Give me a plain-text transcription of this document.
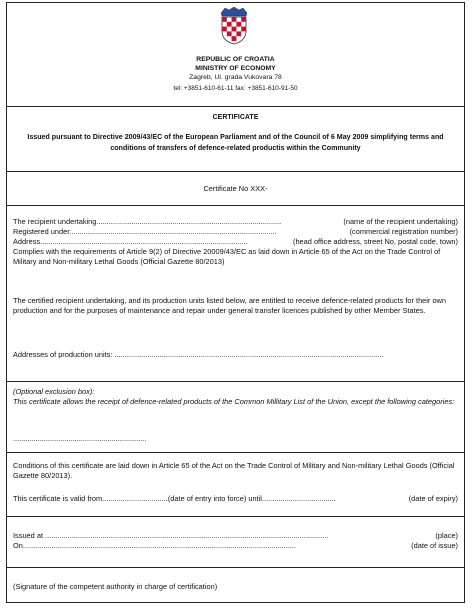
REPUBLIC OF CROATIA
MINISTRY OF ECONOMY
Zagreb, Ul. grada Vukovara 78
tel: +3851-610-61-11 fax: +3851-610-91-50
CERTIFICATE
Issued pursuant to Directive 2009/43/EC of the European Parliament and of the Council of 6 May 2009 simplifying terms and conditions of transfers of defence-related productis within the Community
Certificate No XXX-
The recipient undertaking..........................................................................................	(name of the recipient undertaking)
Registered under.....................................................................................................	(commercial registration number)
Address.....................................................................................................	(head office address, street No, postal code, town)
Complies with the requirements of Article 9(2) of Directive 20009/43/EC as laid down in Article 65 of the Act on the Trade Control of Military and Non-military Lethal Goods (Official Gazette 80/2013)
The certified recipient undertaking, and its production units listed below, are entitled to receive defence-related products for their own production and for the purposes of maintenance and repair under general transfer licences published by other Member States.
Addresses of production units: ...................................................................................................................................
(Optional exclusion box):
This certificate allows the receipt of defence-related products of the Common Millitary List of the Union, except the following categories:
.................................................................
Conditions of this certificate are laid down in Article 65 of the Act on the Trade Control of Military and Non-military Lethal Goods (Official Gazette 80/2013).
This certificate is valid from................................(date of entry into force) until....................................	(date of expiry)
Issued at ..........................................................................................................................................	(place)
On.....................................................................................................................................	(date of issue)
(Signature of the competent authority in charge of certification)
